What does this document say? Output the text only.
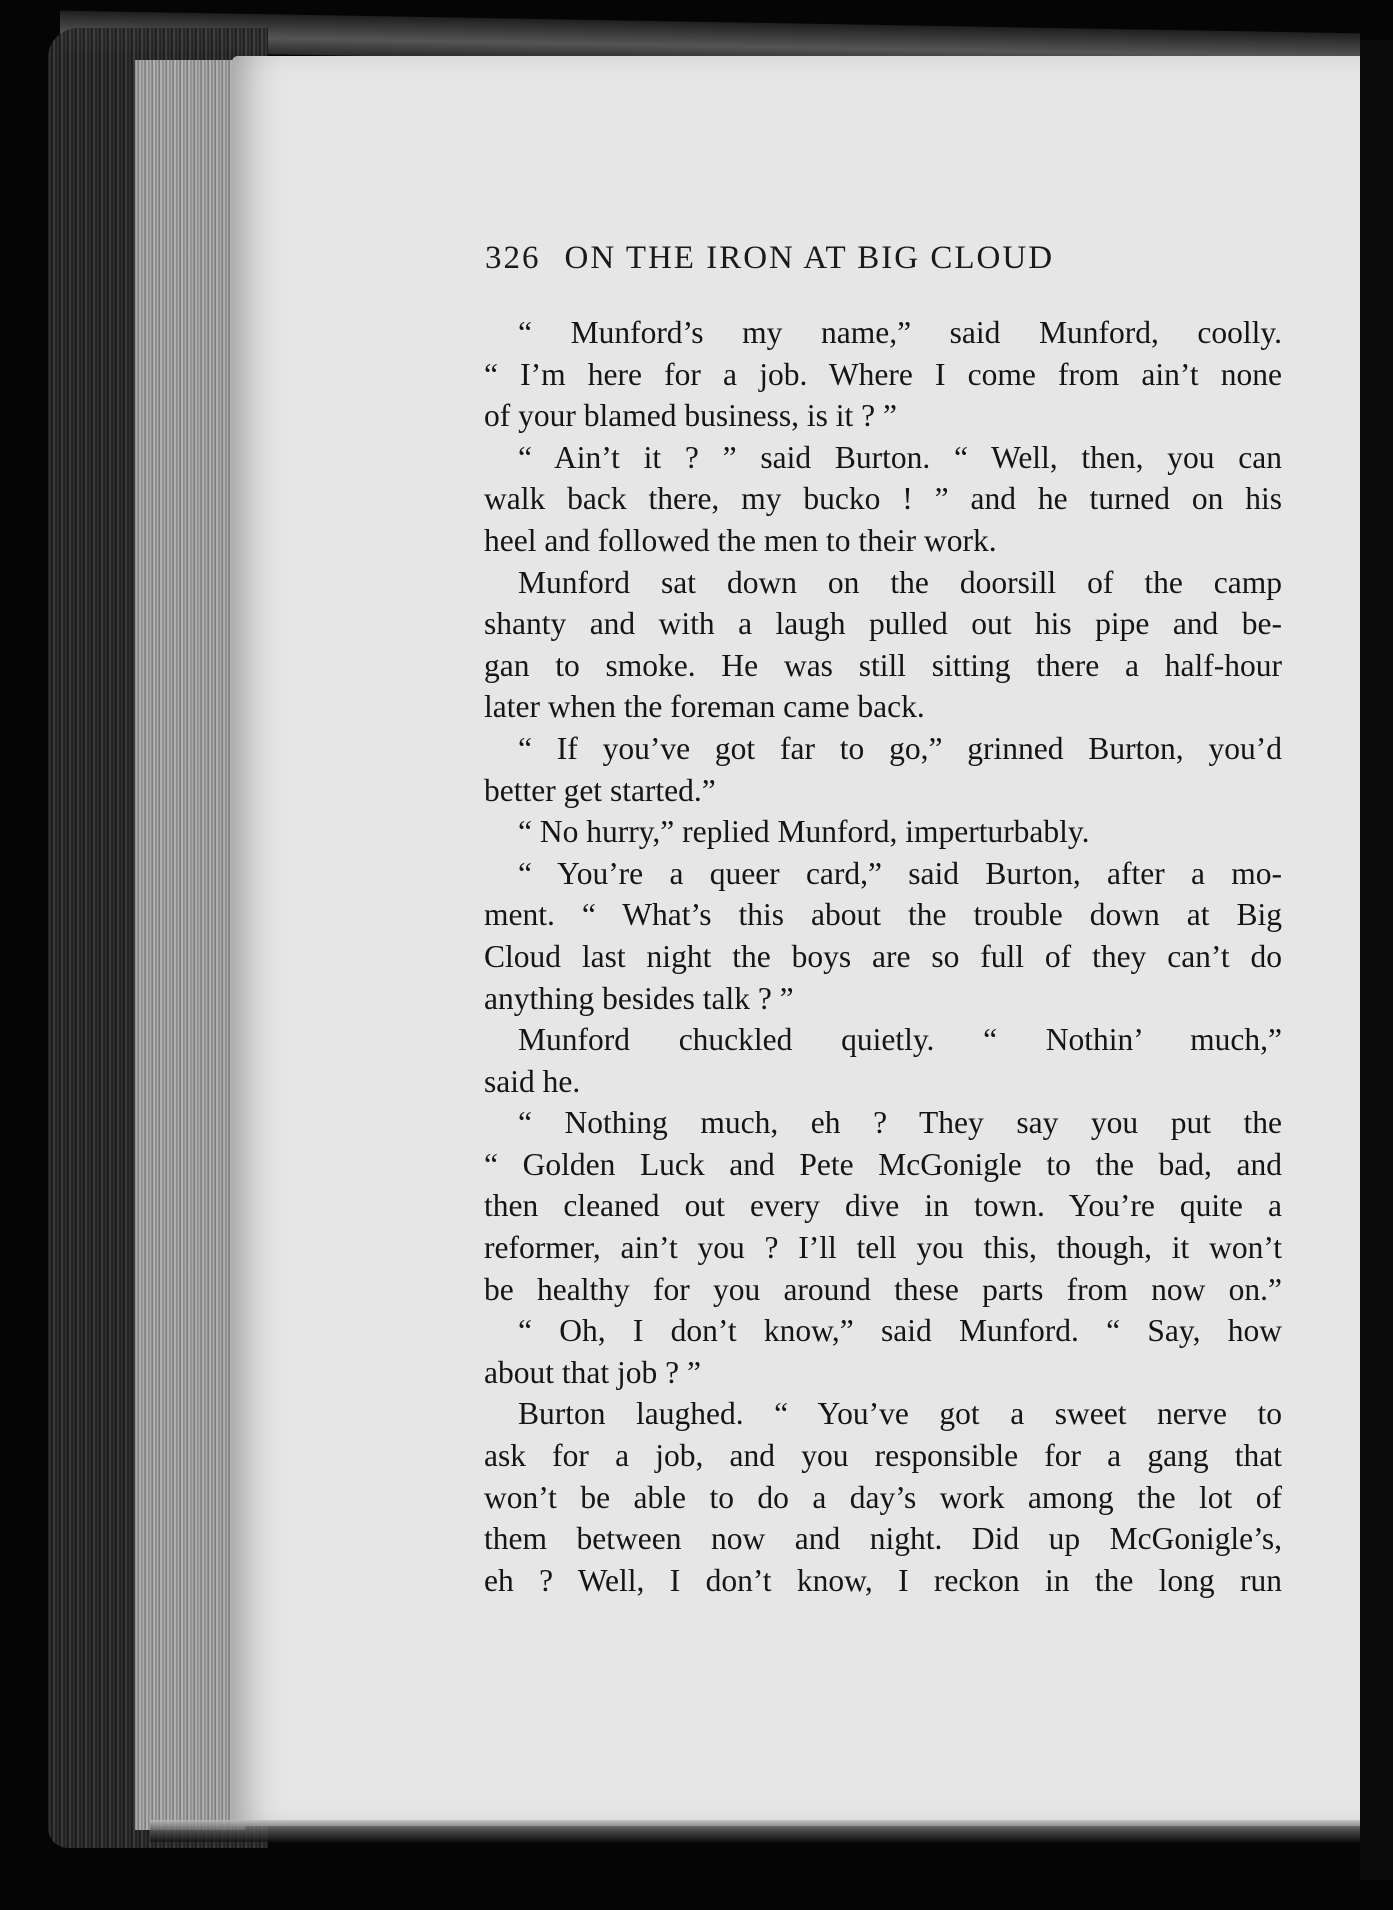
326 ON THE IRON AT BIG CLOUD
“ Munford’s my name,” said Munford, coolly.
“ I’m here for a job. Where I come from ain’t none
of your blamed business, is it ? ”
“ Ain’t it ? ” said Burton. “ Well, then, you can
walk back there, my bucko ! ” and he turned on his
heel and followed the men to their work.
Munford sat down on the doorsill of the camp
shanty and with a laugh pulled out his pipe and be-
gan to smoke. He was still sitting there a half-hour
later when the foreman came back.
“ If you’ve got far to go,” grinned Burton, you’d
better get started.”
“ No hurry,” replied Munford, imperturbably.
“ You’re a queer card,” said Burton, after a mo-
ment. “ What’s this about the trouble down at Big
Cloud last night the boys are so full of they can’t do
anything besides talk ? ”
Munford chuckled quietly. “ Nothin’ much,”
said he.
“ Nothing much, eh ? They say you put the
“ Golden Luck and Pete McGonigle to the bad, and
then cleaned out every dive in town. You’re quite a
reformer, ain’t you ? I’ll tell you this, though, it won’t
be healthy for you around these parts from now on.”
“ Oh, I don’t know,” said Munford. “ Say, how
about that job ? ”
Burton laughed. “ You’ve got a sweet nerve to
ask for a job, and you responsible for a gang that
won’t be able to do a day’s work among the lot of
them between now and night. Did up McGonigle’s,
eh ? Well, I don’t know, I reckon in the long run
